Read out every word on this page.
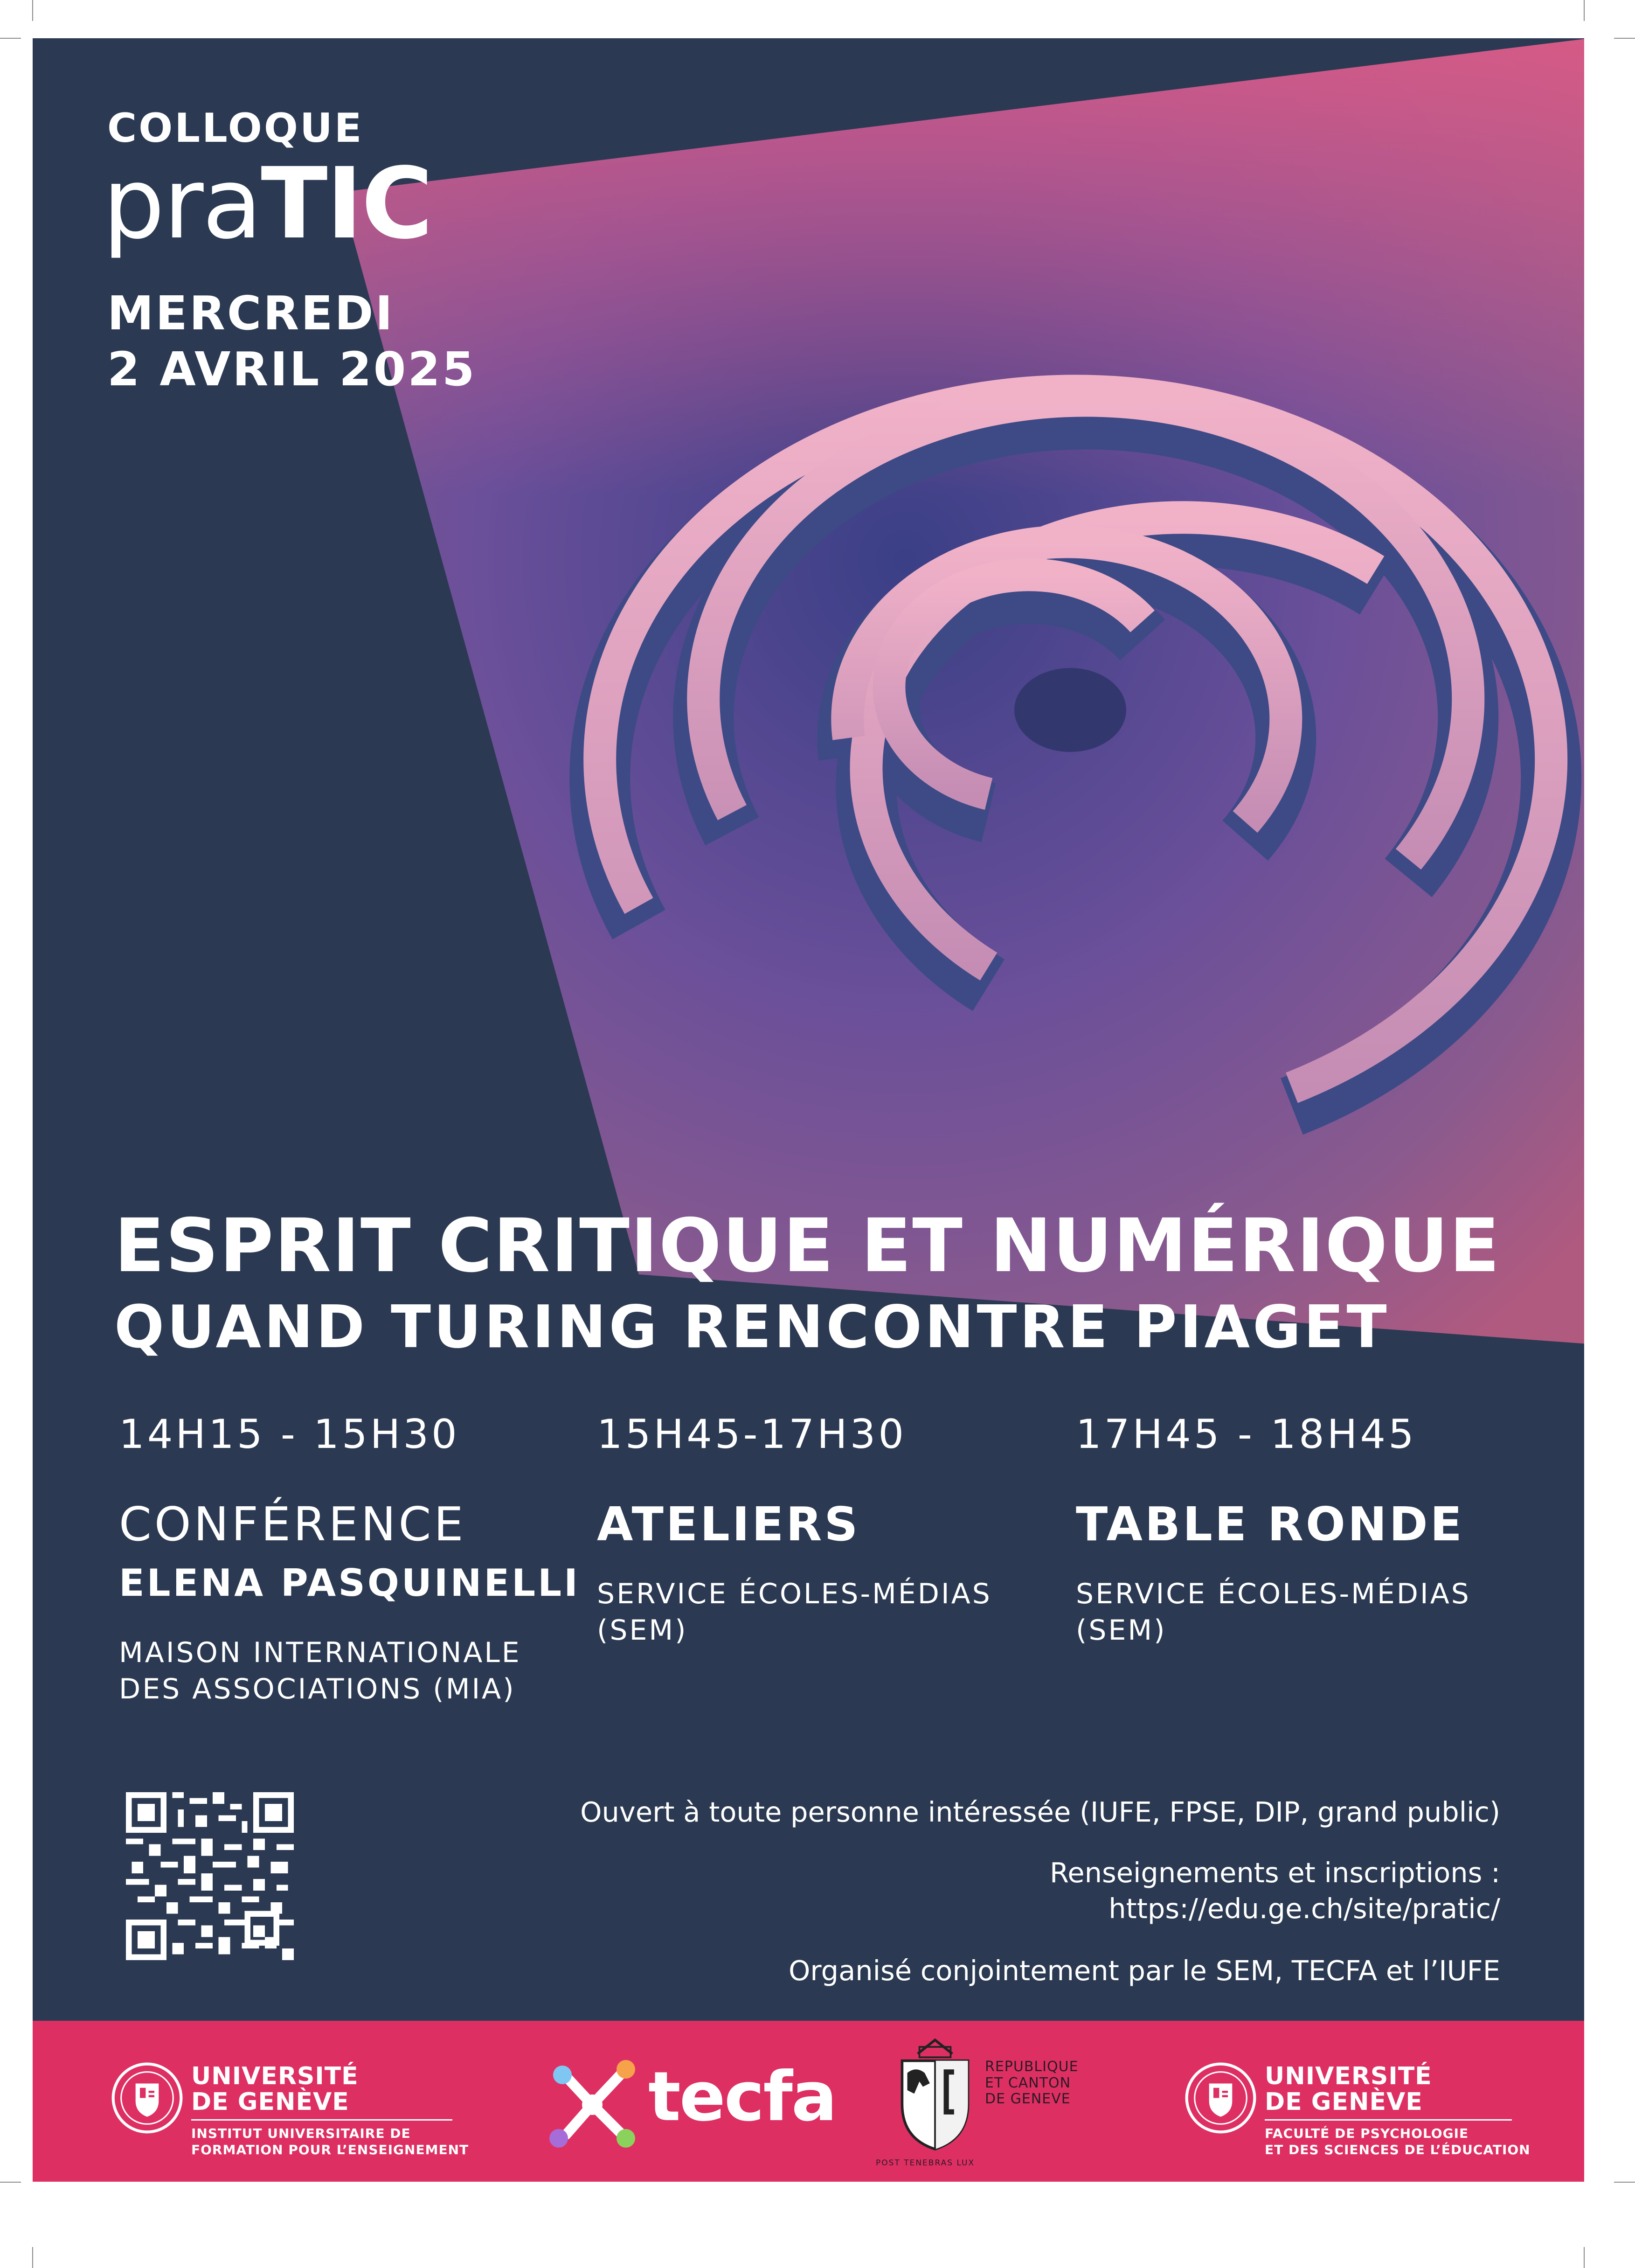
COLLOQUE
praTIC
MERCREDI
2 AVRIL 2025
ESPRIT CRITIQUE ET NUMÉRIQUE
QUAND TURING RENCONTRE PIAGET
14H15 - 15H30
CONFÉRENCE
ELENA PASQUINELLI
MAISON INTERNATIONALE
DES ASSOCIATIONS (MIA)
15H45-17H30
ATELIERS
SERVICE ÉCOLES-MÉDIAS
(SEM)
17H45 - 18H45
TABLE RONDE
SERVICE ÉCOLES-MÉDIAS
(SEM)
Ouvert à toute personne intéressée (IUFE, FPSE, DIP, grand public)
Renseignements et inscriptions :
https://edu.ge.ch/site/pratic/
Organisé conjointement par le SEM, TECFA et l’IUFE
UNIVERSITÉ
DE GENÈVE
INSTITUT UNIVERSITAIRE DE
FORMATION POUR L’ENSEIGNEMENT
tecfa	REPUBLIQUE
ET CANTON
DE GENEVE
POST TENEBRAS LUX
UNIVERSITÉ
DE GENÈVE
FACULTÉ DE PSYCHOLOGIE
ET DES SCIENCES DE L’ÉDUCATION
